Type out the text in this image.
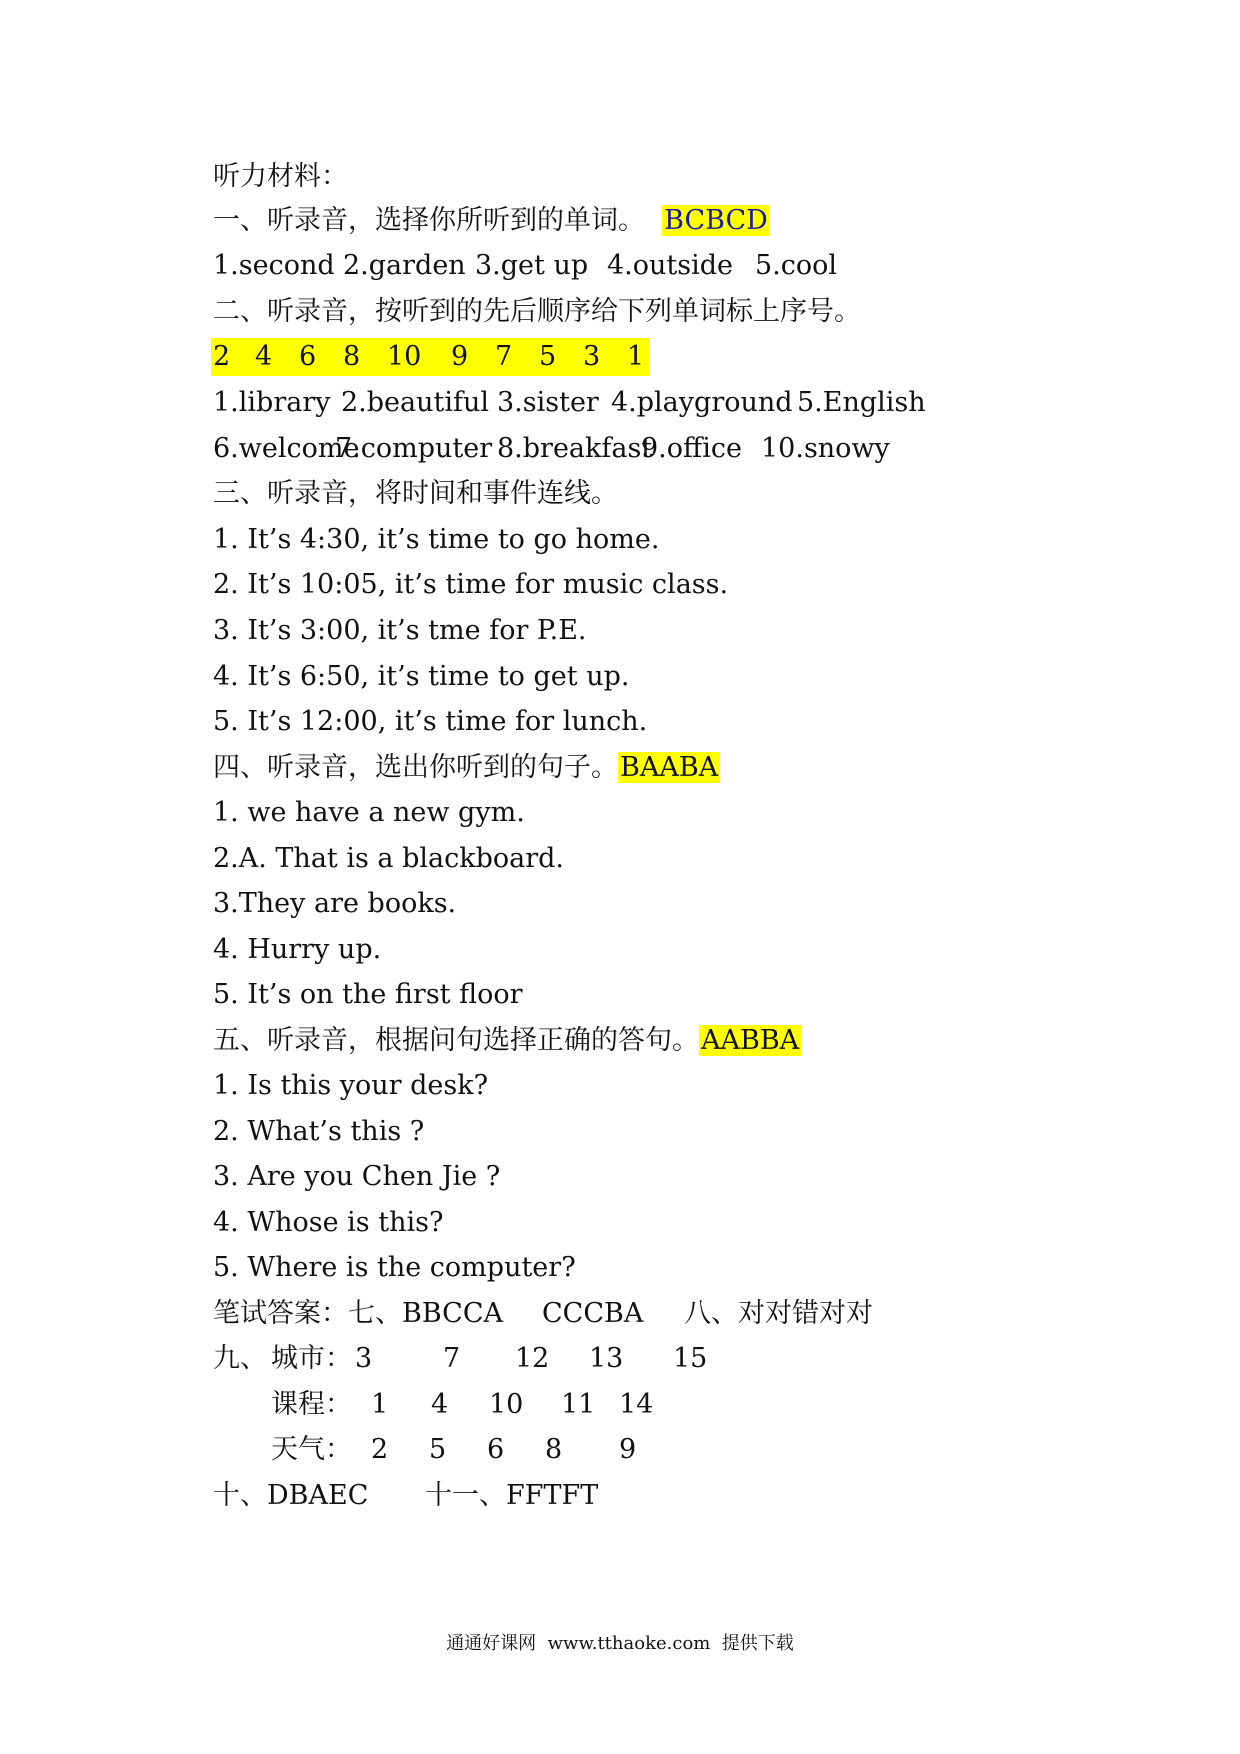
听力材料：
一、听录音，选择你所听到的单词。 BCBCD
1.second 2.garden 3.get up 4.outside 5.cool
二、听录音，按听到的先后顺序给下列单词标上序号。
2 4 6 8 10 9 7 5 3 1
1.library 2.beautiful 3.sister 4.playground 5.English
6.welcome7.computer 8.breakfast9.office 10.snowy
三、听录音，将时间和事件连线。
1. It’s 4:30, it’s time to go home.
2. It’s 10:05, it’s time for music class.
3. It’s 3:00, it’s tme for P.E.
4. It’s 6:50, it’s time to get up.
5. It’s 12:00, it’s time for lunch.
四、听录音，选出你听到的句子。BAABA
1. we have a new gym.
2.A. That is a blackboard.
3.They are books.
4. Hurry up.
5. It’s on the first floor
五、听录音，根据问句选择正确的答句。AABBA
1. Is this your desk?
2. What’s this ?
3. Are you Chen Jie ?
4. Whose is this?
5. Where is the computer?
笔试答案：七、BBCCA CCCBA 八、对对错对对
九、 城市： 3	7 12 13 15
课程： 1 4 10 11 14
天气： 2 5 6 8 9
十、DBAEC 十一、FFTFT
通通好课网 www.tthaoke.com 提供下载
